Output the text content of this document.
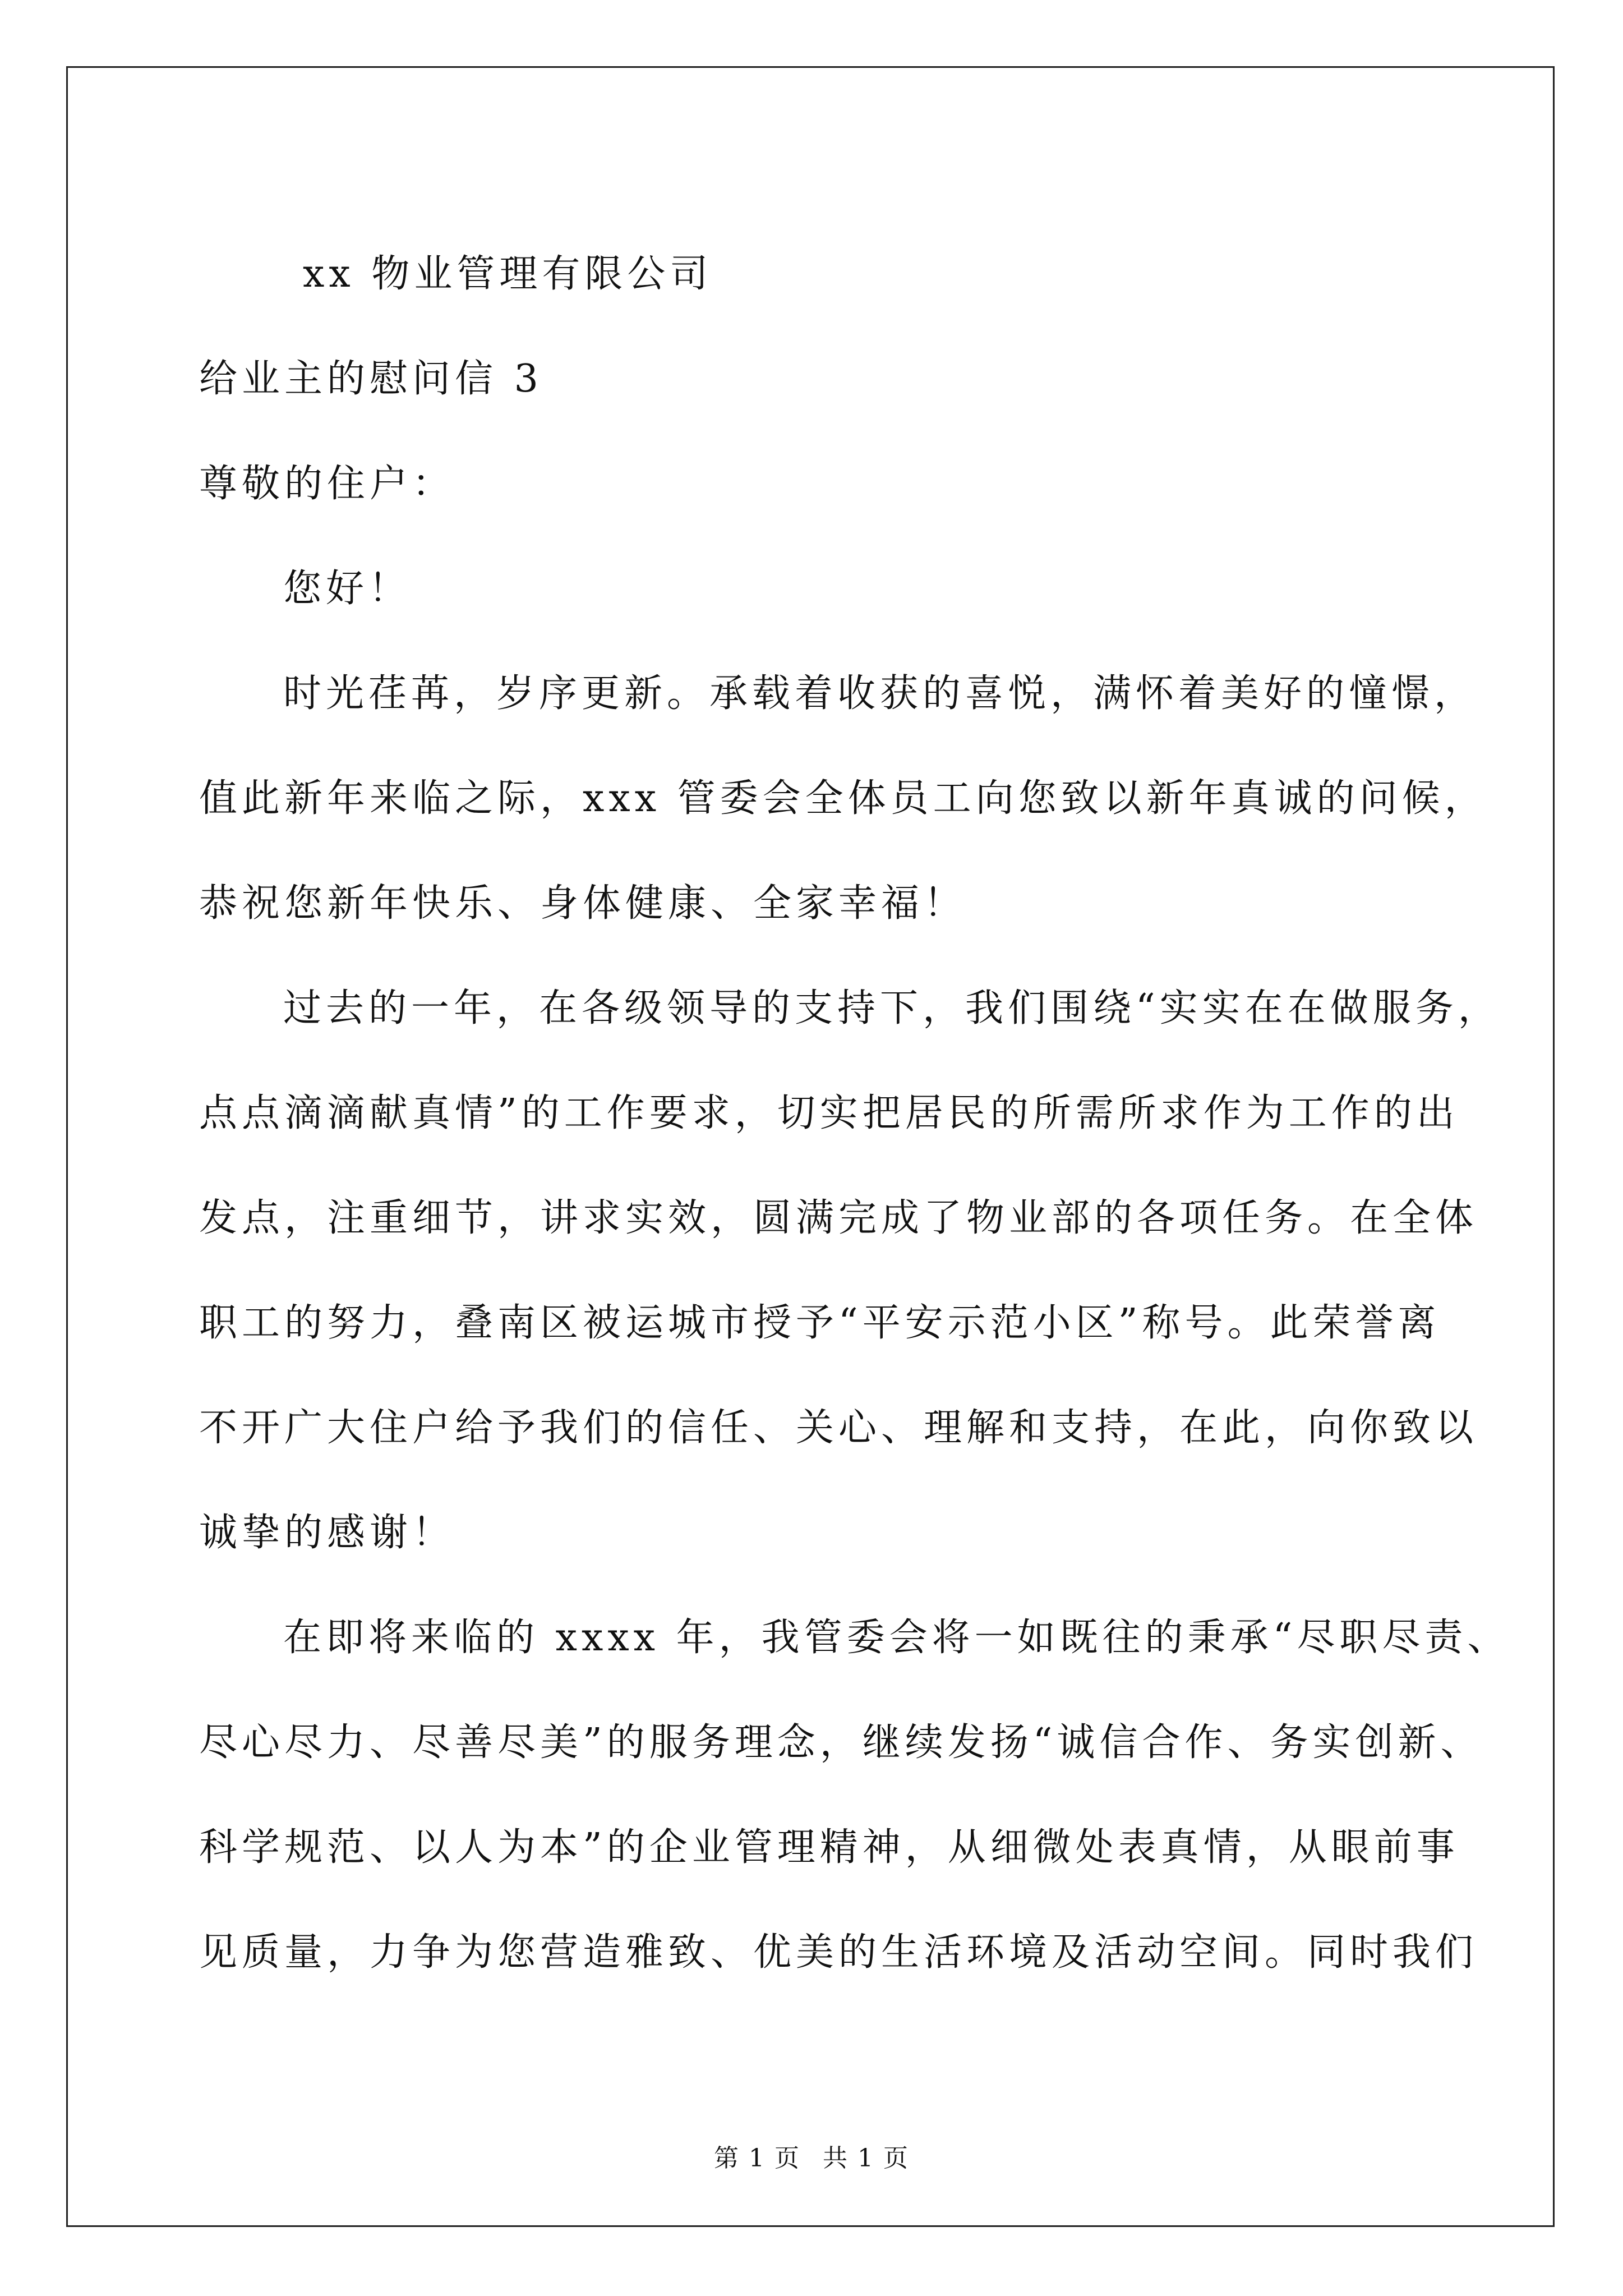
xx 物业管理有限公司
给业主的慰问信 3
尊敬的住户：
您好！
时光荏苒，岁序更新。承载着收获的喜悦，满怀着美好的憧憬，
值此新年来临之际，xxx 管委会全体员工向您致以新年真诚的问候，
恭祝您新年快乐、身体健康、全家幸福！
过去的一年，在各级领导的支持下，我们围绕“实实在在做服务，
点点滴滴献真情”的工作要求，切实把居民的所需所求作为工作的出
发点，注重细节，讲求实效，圆满完成了物业部的各项任务。在全体
职工的努力，叠南区被运城市授予“平安示范小区”称号。此荣誉离
不开广大住户给予我们的信任、关心、理解和支持，在此，向你致以
诚挚的感谢！
在即将来临的 xxxx 年，我管委会将一如既往的秉承“尽职尽责、
尽心尽力、尽善尽美”的服务理念，继续发扬“诚信合作、务实创新、
科学规范、以人为本”的企业管理精神，从细微处表真情，从眼前事
见质量，力争为您营造雅致、优美的生活环境及活动空间。同时我们
第 1 页 共 1 页
